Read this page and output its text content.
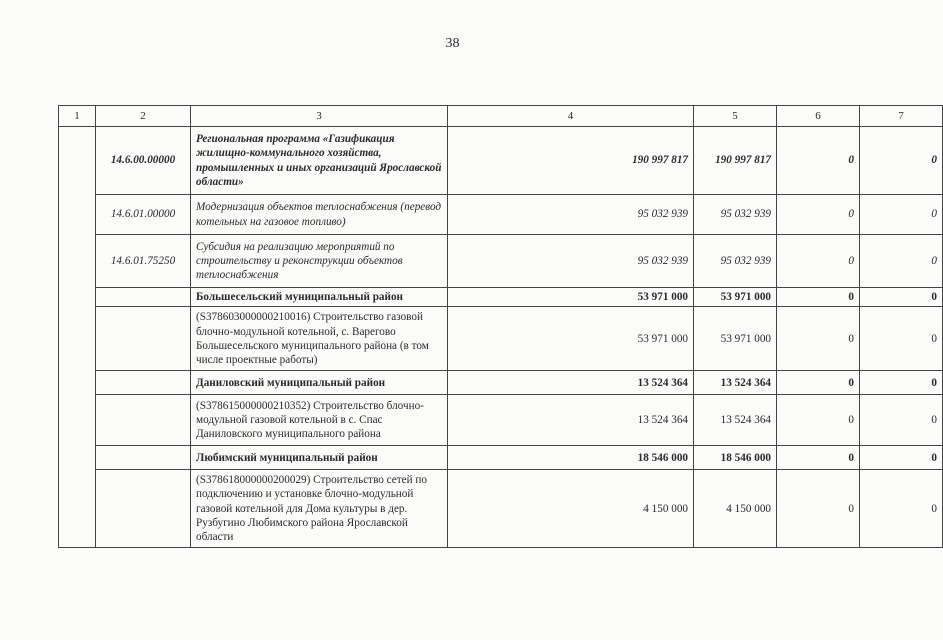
38
1	2	3	4	5	6	7
	14.6.00.00000	Региональная программа «Газификация жилищно-коммунального хозяйства, промышленных и иных организаций Ярославской области»	190 997 817	190 997 817	0	0
	14.6.01.00000	Модернизация объектов теплоснабжения (перевод котельных на газовое топливо)	95 032 939	95 032 939	0	0
	14.6.01.75250	Субсидия на реализацию мероприятий по строительству и реконструкции объектов теплоснабжения	95 032 939	95 032 939	0	0
		Большесельский муниципальный район	53 971 000	53 971 000	0	0
		(S378603000000210016) Строительство газовой блочно-модульной котельной, с. Варегово Большесельского муниципального района (в том числе проектные работы)	53 971 000	53 971 000	0	0
		Даниловский муниципальный район	13 524 364	13 524 364	0	0
		(S378615000000210352) Строительство блочно-модульной газовой котельной в с. Спас Даниловского муниципального района	13 524 364	13 524 364	0	0
		Любимский муниципальный район	18 546 000	18 546 000	0	0
		(S378618000000200029) Строительство сетей по подключению и установке блочно-модульной газовой котельной для Дома культуры в дер. Рузбугино Любимского района Ярославской области	4 150 000	4 150 000	0	0
